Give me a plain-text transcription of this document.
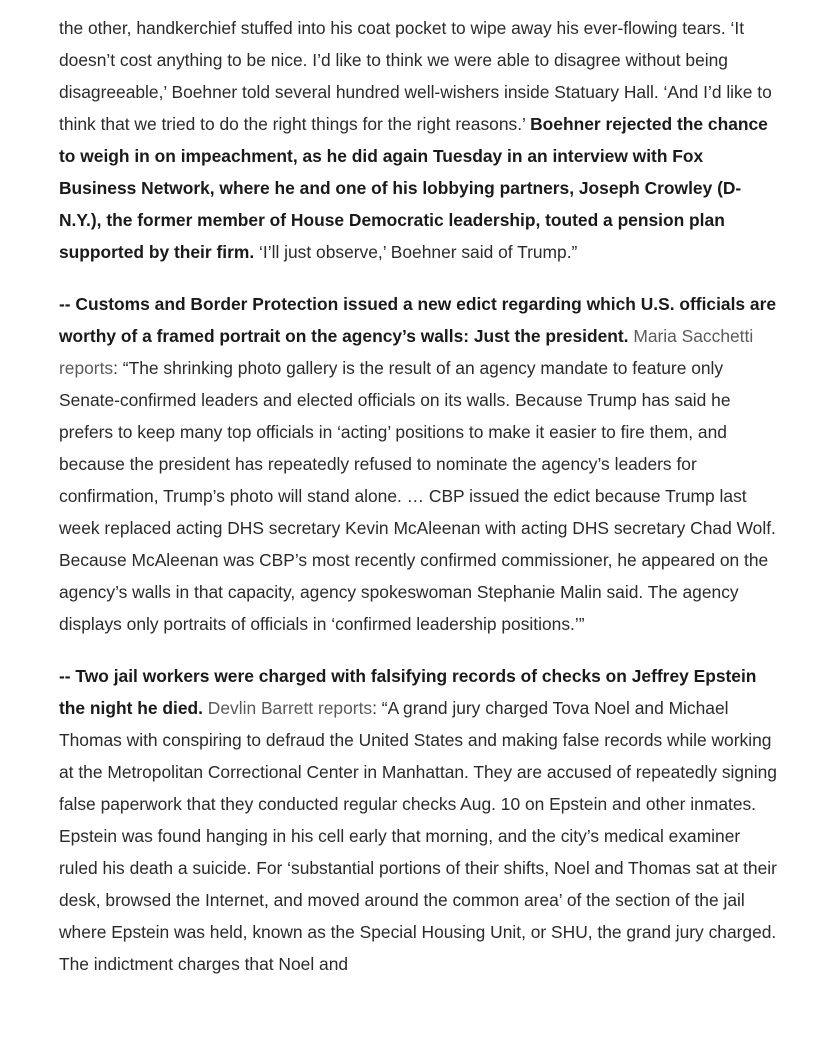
the other, handkerchief stuffed into his coat pocket to wipe away his ever-flowing tears. ‘It doesn’t cost anything to be nice. I’d like to think we were able to disagree without being disagreeable,’ Boehner told several hundred well-wishers inside Statuary Hall. ‘And I’d like to think that we tried to do the right things for the right reasons.’ Boehner rejected the chance to weigh in on impeachment, as he did again Tuesday in an interview with Fox Business Network, where he and one of his lobbying partners, Joseph Crowley (D-N.Y.), the former member of House Democratic leadership, touted a pension plan supported by their firm. ‘I’ll just observe,’ Boehner said of Trump.”

-- Customs and Border Protection issued a new edict regarding which U.S. officials are worthy of a framed portrait on the agency’s walls: Just the president. Maria Sacchetti reports: “The shrinking photo gallery is the result of an agency mandate to feature only Senate-confirmed leaders and elected officials on its walls. Because Trump has said he prefers to keep many top officials in ‘acting’ positions to make it easier to fire them, and because the president has repeatedly refused to nominate the agency’s leaders for confirmation, Trump’s photo will stand alone. … CBP issued the edict because Trump last week replaced acting DHS secretary Kevin McAleenan with acting DHS secretary Chad Wolf. Because McAleenan was CBP’s most recently confirmed commissioner, he appeared on the agency’s walls in that capacity, agency spokeswoman Stephanie Malin said. The agency displays only portraits of officials in ‘confirmed leadership positions.’”

-- Two jail workers were charged with falsifying records of checks on Jeffrey Epstein the night he died. Devlin Barrett reports: “A grand jury charged Tova Noel and Michael Thomas with conspiring to defraud the United States and making false records while working at the Metropolitan Correctional Center in Manhattan. They are accused of repeatedly signing false paperwork that they conducted regular checks Aug. 10 on Epstein and other inmates. Epstein was found hanging in his cell early that morning, and the city’s medical examiner ruled his death a suicide. For ‘substantial portions of their shifts, Noel and Thomas sat at their desk, browsed the Internet, and moved around the common area’ of the section of the jail where Epstein was held, known as the Special Housing Unit, or SHU, the grand jury charged. The indictment charges that Noel and
